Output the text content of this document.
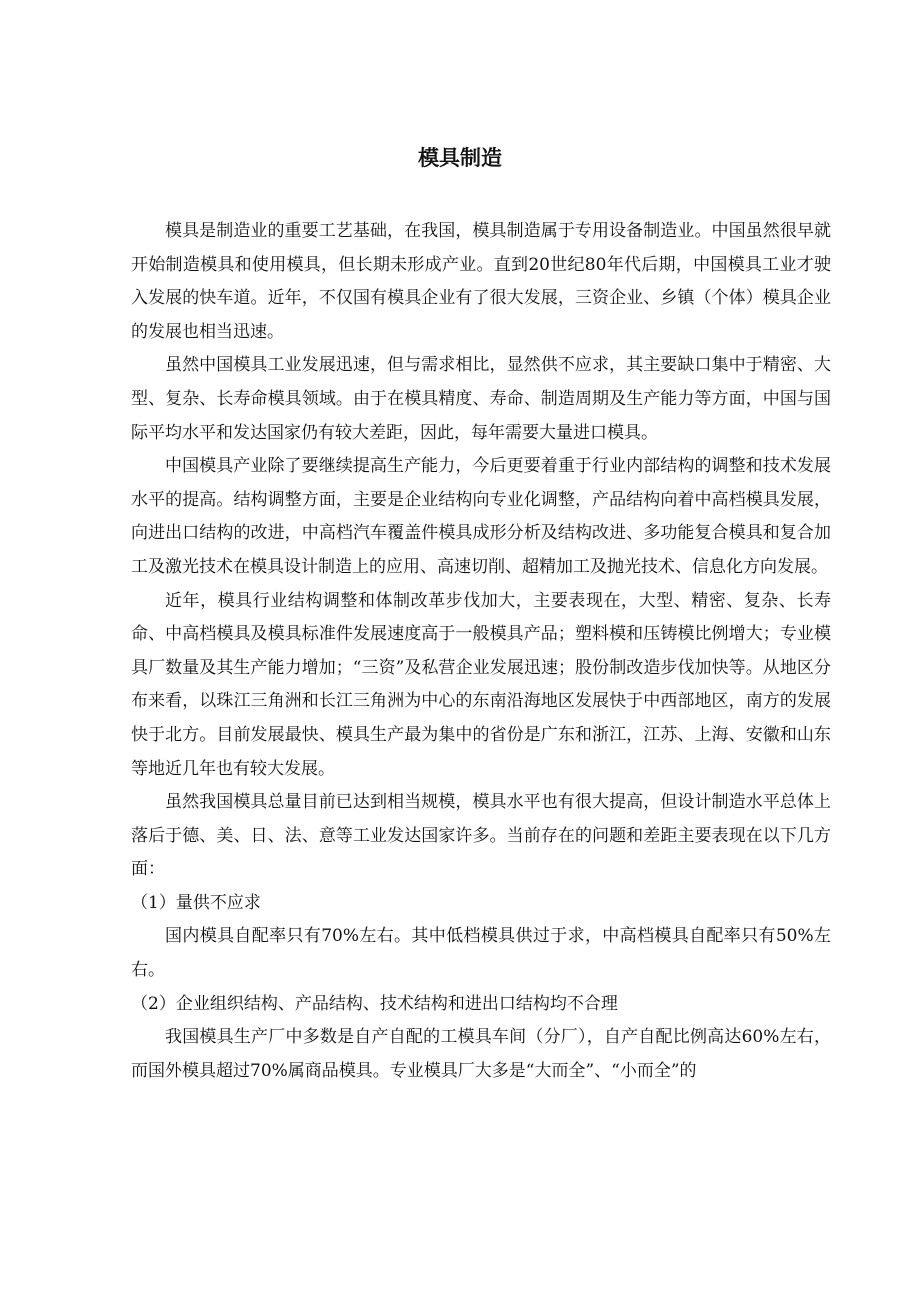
模具制造

模具是制造业的重要工艺基础，在我国，模具制造属于专用设备制造业。中国虽然很早就开始制造模具和使用模具，但长期未形成产业。直到20世纪80年代后期，中国模具工业才驶入发展的快车道。近年，不仅国有模具企业有了很大发展，三资企业、乡镇（个体）模具企业的发展也相当迅速。

虽然中国模具工业发展迅速，但与需求相比，显然供不应求，其主要缺口集中于精密、大型、复杂、长寿命模具领域。由于在模具精度、寿命、制造周期及生产能力等方面，中国与国际平均水平和发达国家仍有较大差距，因此，每年需要大量进口模具。

中国模具产业除了要继续提高生产能力，今后更要着重于行业内部结构的调整和技术发展水平的提高。结构调整方面，主要是企业结构向专业化调整，产品结构向着中高档模具发展，向进出口结构的改进，中高档汽车覆盖件模具成形分析及结构改进、多功能复合模具和复合加工及激光技术在模具设计制造上的应用、高速切削、超精加工及抛光技术、信息化方向发展。

近年，模具行业结构调整和体制改革步伐加大，主要表现在，大型、精密、复杂、长寿命、中高档模具及模具标准件发展速度高于一般模具产品；塑料模和压铸模比例增大；专业模具厂数量及其生产能力增加；“三资”及私营企业发展迅速；股份制改造步伐加快等。从地区分布来看，以珠江三角洲和长江三角洲为中心的东南沿海地区发展快于中西部地区，南方的发展快于北方。目前发展最快、模具生产最为集中的省份是广东和浙江，江苏、上海、安徽和山东等地近几年也有较大发展。

虽然我国模具总量目前已达到相当规模，模具水平也有很大提高，但设计制造水平总体上落后于德、美、日、法、意等工业发达国家许多。当前存在的问题和差距主要表现在以下几方面：

（1）量供不应求

国内模具自配率只有70%左右。其中低档模具供过于求，中高档模具自配率只有50%左右。

（2）企业组织结构、产品结构、技术结构和进出口结构均不合理

我国模具生产厂中多数是自产自配的工模具车间（分厂），自产自配比例高达60%左右，而国外模具超过70%属商品模具。专业模具厂大多是“大而全”、“小而全”的
